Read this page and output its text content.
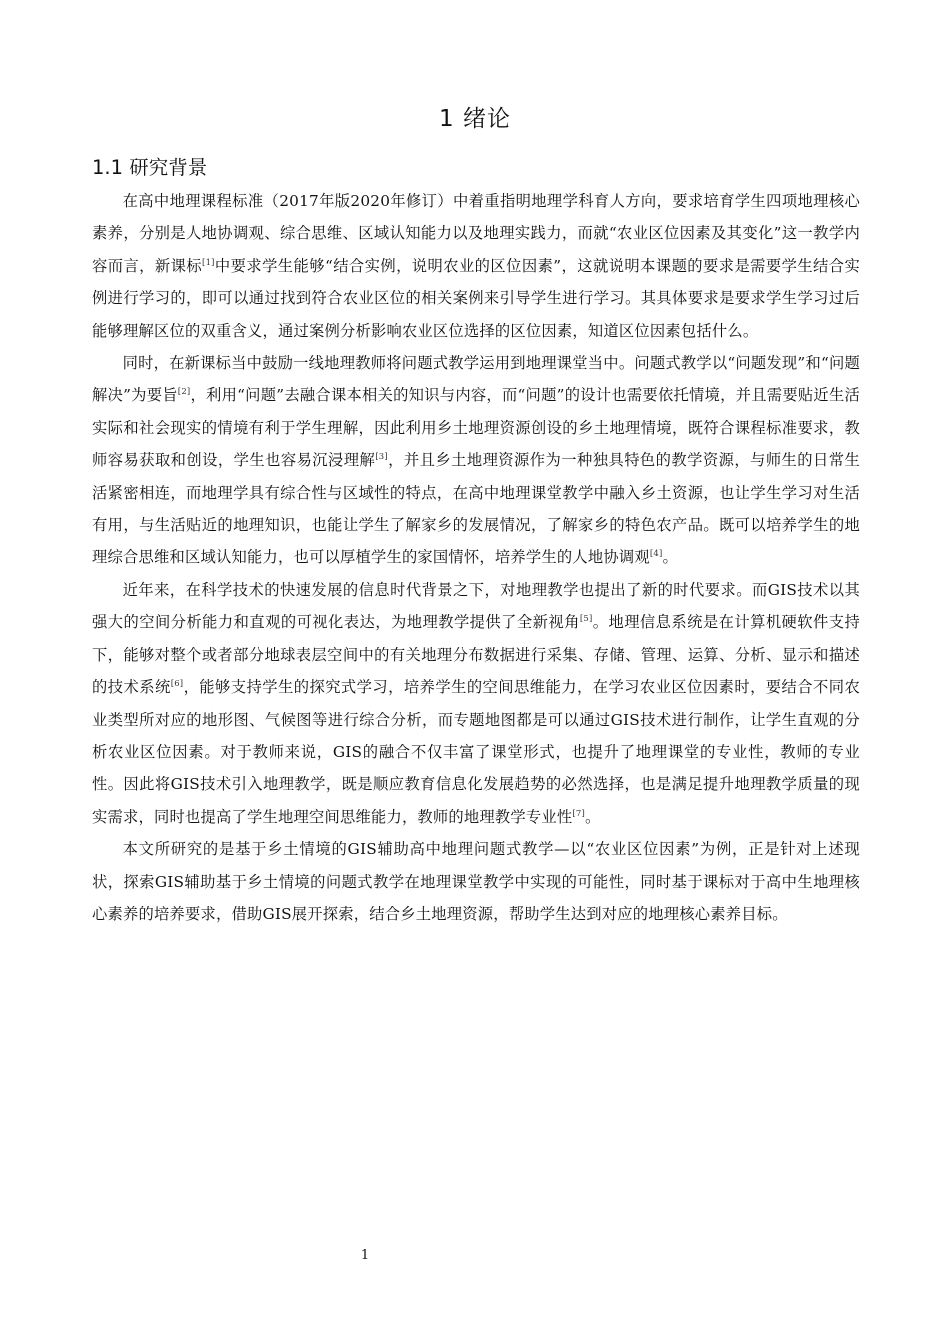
1 绪论
1.1 研究背景

在高中地理课程标准（2017年版2020年修订）中着重指明地理学科育人方向，要求培育学生四项地理核心素养，分别是人地协调观、综合思维、区域认知能力以及地理实践力，而就“农业区位因素及其变化”这一教学内容而言，新课标[1]中要求学生能够“结合实例，说明农业的区位因素”，这就说明本课题的要求是需要学生结合实例进行学习的，即可以通过找到符合农业区位的相关案例来引导学生进行学习。其具体要求是要求学生学习过后能够理解区位的双重含义，通过案例分析影响农业区位选择的区位因素，知道区位因素包括什么。

同时，在新课标当中鼓励一线地理教师将问题式教学运用到地理课堂当中。问题式教学以“问题发现”和“问题解决”为要旨[2]，利用“问题”去融合课本相关的知识与内容，而“问题”的设计也需要依托情境，并且需要贴近生活实际和社会现实的情境有利于学生理解，因此利用乡土地理资源创设的乡土地理情境，既符合课程标准要求，教师容易获取和创设，学生也容易沉浸理解[3]，并且乡土地理资源作为一种独具特色的教学资源，与师生的日常生活紧密相连，而地理学具有综合性与区域性的特点，在高中地理课堂教学中融入乡土资源，也让学生学习对生活有用，与生活贴近的地理知识，也能让学生了解家乡的发展情况，了解家乡的特色农产品。既可以培养学生的地理综合思维和区域认知能力，也可以厚植学生的家国情怀，培养学生的人地协调观[4]。

近年来，在科学技术的快速发展的信息时代背景之下，对地理教学也提出了新的时代要求。而GIS技术以其强大的空间分析能力和直观的可视化表达，为地理教学提供了全新视角[5]。地理信息系统是在计算机硬软件支持下，能够对整个或者部分地球表层空间中的有关地理分布数据进行采集、存储、管理、运算、分析、显示和描述的技术系统[6]，能够支持学生的探究式学习，培养学生的空间思维能力，在学习农业区位因素时，要结合不同农业类型所对应的地形图、气候图等进行综合分析，而专题地图都是可以通过GIS技术进行制作，让学生直观的分析农业区位因素。对于教师来说，GIS的融合不仅丰富了课堂形式，也提升了地理课堂的专业性，教师的专业性。因此将GIS技术引入地理教学，既是顺应教育信息化发展趋势的必然选择，也是满足提升地理教学质量的现实需求，同时也提高了学生地理空间思维能力，教师的地理教学专业性[7]。

本文所研究的是基于乡土情境的GIS辅助高中地理问题式教学—以“农业区位因素”为例，正是针对上述现状，探索GIS辅助基于乡土情境的问题式教学在地理课堂教学中实现的可能性，同时基于课标对于高中生地理核心素养的培养要求，借助GIS展开探索，结合乡土地理资源，帮助学生达到对应的地理核心素养目标。

1
